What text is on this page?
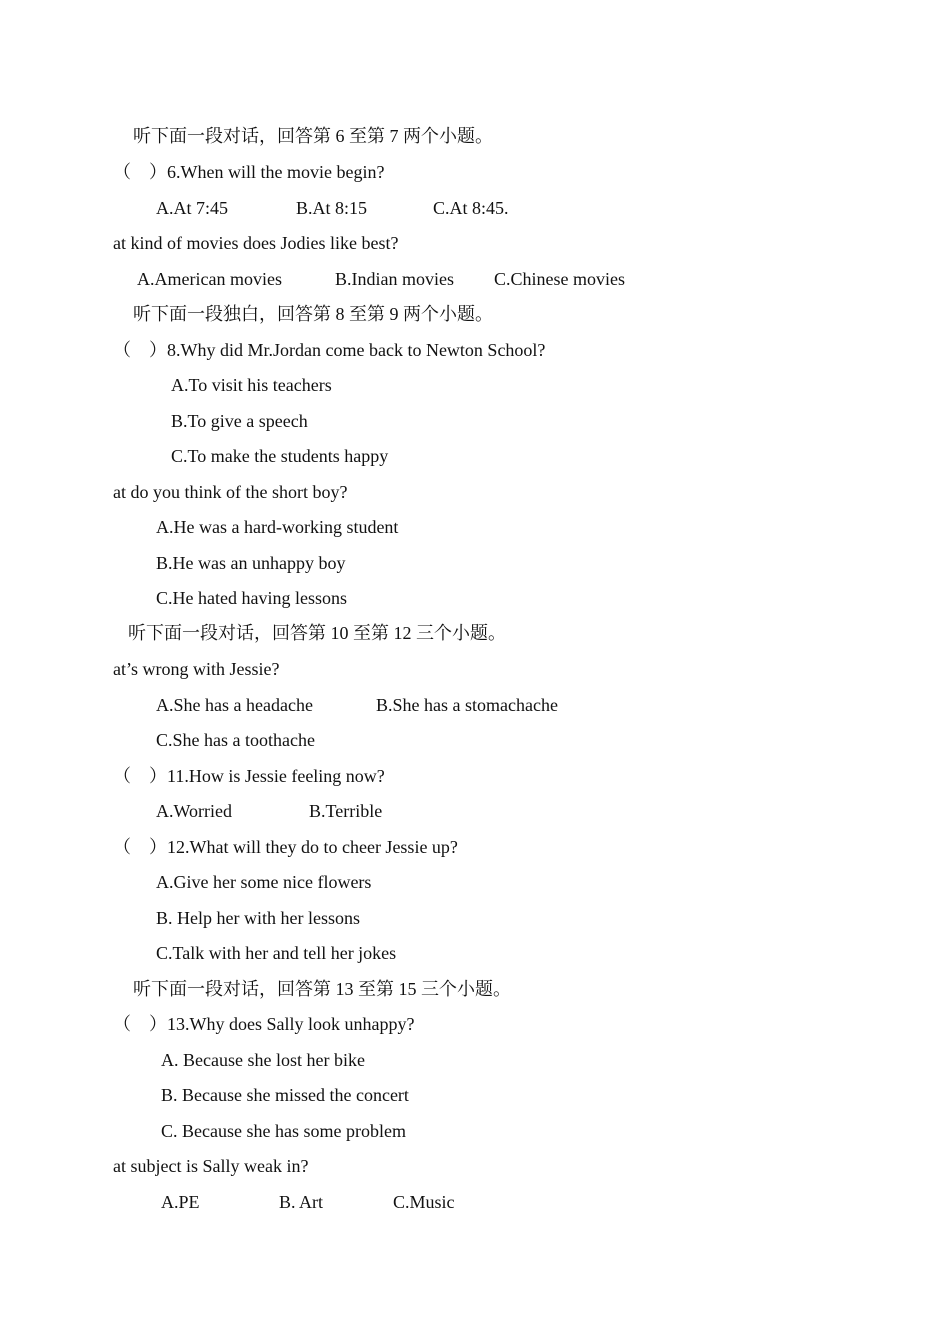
听下面一段对话，回答第 6 至第 7 两个小题。
（    ）6.When will the movie begin?
A.At 7:45	B.At 8:15	C.At 8:45.
at kind of movies does Jodies like best?
A.American movies	B.Indian movies C.Chinese movies
听下面一段独白，回答第 8 至第 9 两个小题。
（    ）8.Why did Mr.Jordan come back to Newton School?
A.To visit his teachers
B.To give a speech
C.To make the students happy
at do you think of the short boy?
A.He was a hard-working student
B.He was an unhappy boy
C.He hated having lessons
听下面一段对话，回答第 10 至第 12 三个小题。
at’s wrong with Jessie?
A.She has a headache	B.She has a stomachache
C.She has a toothache
（    ）11.How is Jessie feeling now?
A.Worried	B.Terrible
（    ）12.What will they do to cheer Jessie up?
A.Give her some nice flowers
B. Help her with her lessons
C.Talk with her and tell her jokes
听下面一段对话，回答第 13 至第 15 三个小题。
（    ）13.Why does Sally look unhappy?
A. Because she lost her bike
B. Because she missed the concert
C. Because she has some problem
at subject is Sally weak in?
A.PE	B. Art	C.Music
